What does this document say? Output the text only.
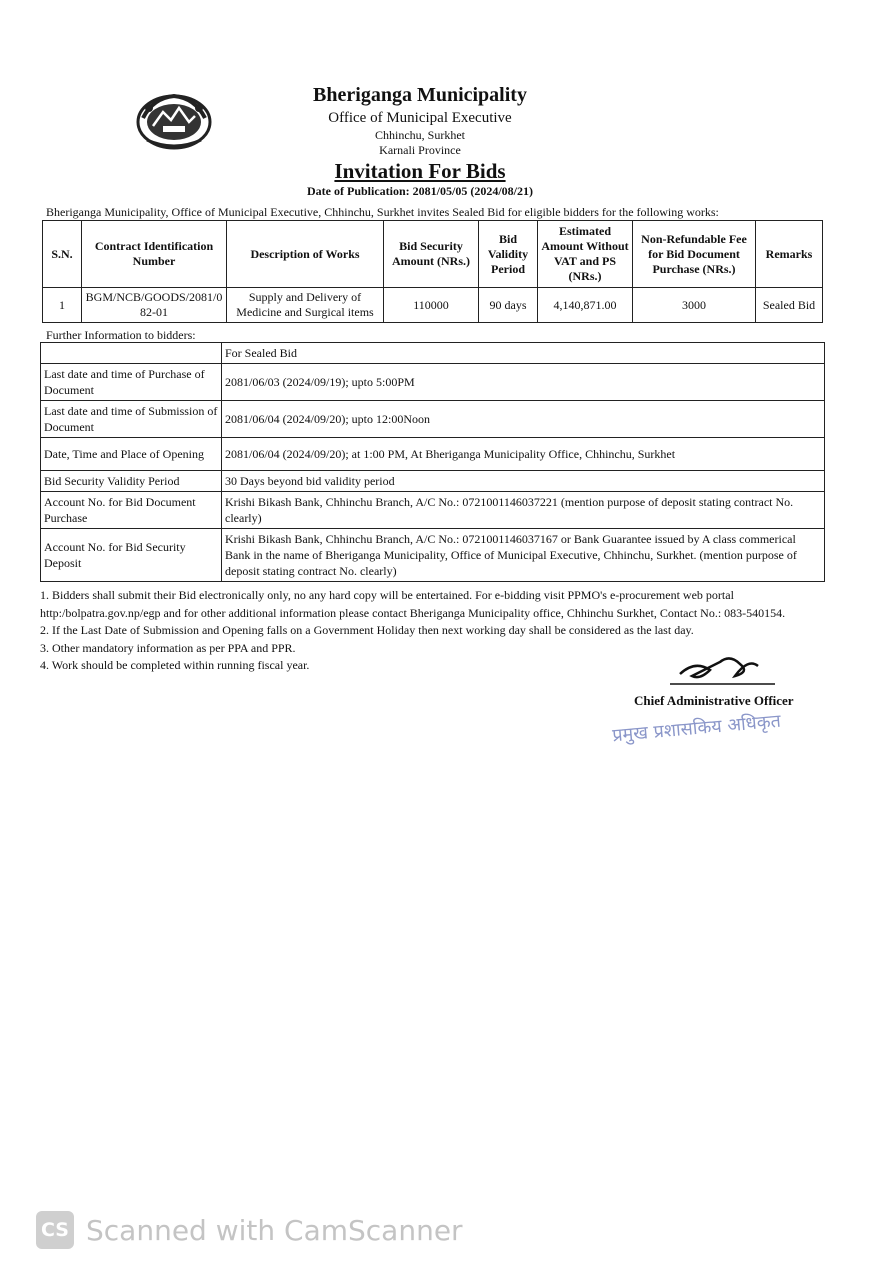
Bheriganga Municipality
Office of Municipal Executive
Chhinchu, Surkhet
Karnali Province
Invitation For Bids
Date of Publication: 2081/05/05 (2024/08/21)
Bheriganga Municipality, Office of Municipal Executive, Chhinchu, Surkhet invites Sealed Bid for eligible bidders for the following works:
S.N.	Contract Identification Number	Description of Works	Bid Security Amount (NRs.)	Bid Validity Period	Estimated Amount Without VAT and PS (NRs.)	Non-Refundable Fee for Bid Document Purchase (NRs.)	Remarks
1	BGM/NCB/GOODS/2081/0 82-01	Supply and Delivery of Medicine and Surgical items	110000	90 days	4,140,871.00	3000	Sealed Bid
Further Information to bidders:
	For Sealed Bid
Last date and time of Purchase of Document	2081/06/03 (2024/09/19); upto 5:00PM
Last date and time of Submission of Document	2081/06/04 (2024/09/20); upto 12:00Noon
Date, Time and Place of Opening	2081/06/04 (2024/09/20); at 1:00 PM, At Bheriganga Municipality Office, Chhinchu, Surkhet
Bid Security Validity Period	30 Days beyond bid validity period
Account No. for Bid Document Purchase	Krishi Bikash Bank, Chhinchu Branch, A/C No.: 0721001146037221 (mention purpose of deposit stating contract No. clearly)
Account No. for Bid Security Deposit	Krishi Bikash Bank, Chhinchu Branch, A/C No.: 0721001146037167 or Bank Guarantee issued by A class commerical Bank in the name of Bheriganga Municipality, Office of Municipal Executive, Chhinchu, Surkhet. (mention purpose of deposit stating contract No. clearly)

1. Bidders shall submit their Bid electronically only, no any hard copy will be entertained. For e-bidding visit PPMO's e-procurement web portal http:/bolpatra.gov.np/egp and for other additional information please contact Bheriganga Municipality office, Chhinchu Surkhet, Contact No.: 083-540154.

2. If the Last Date of Submission and Opening falls on a Government Holiday then next working day shall be considered as the last day.

3. Other mandatory information as per PPA and PPR.

4. Work should be completed within running fiscal year.

Chief Administrative Officer
प्रमुख प्रशासकिय अधिकृत
CS Scanned with CamScanner
